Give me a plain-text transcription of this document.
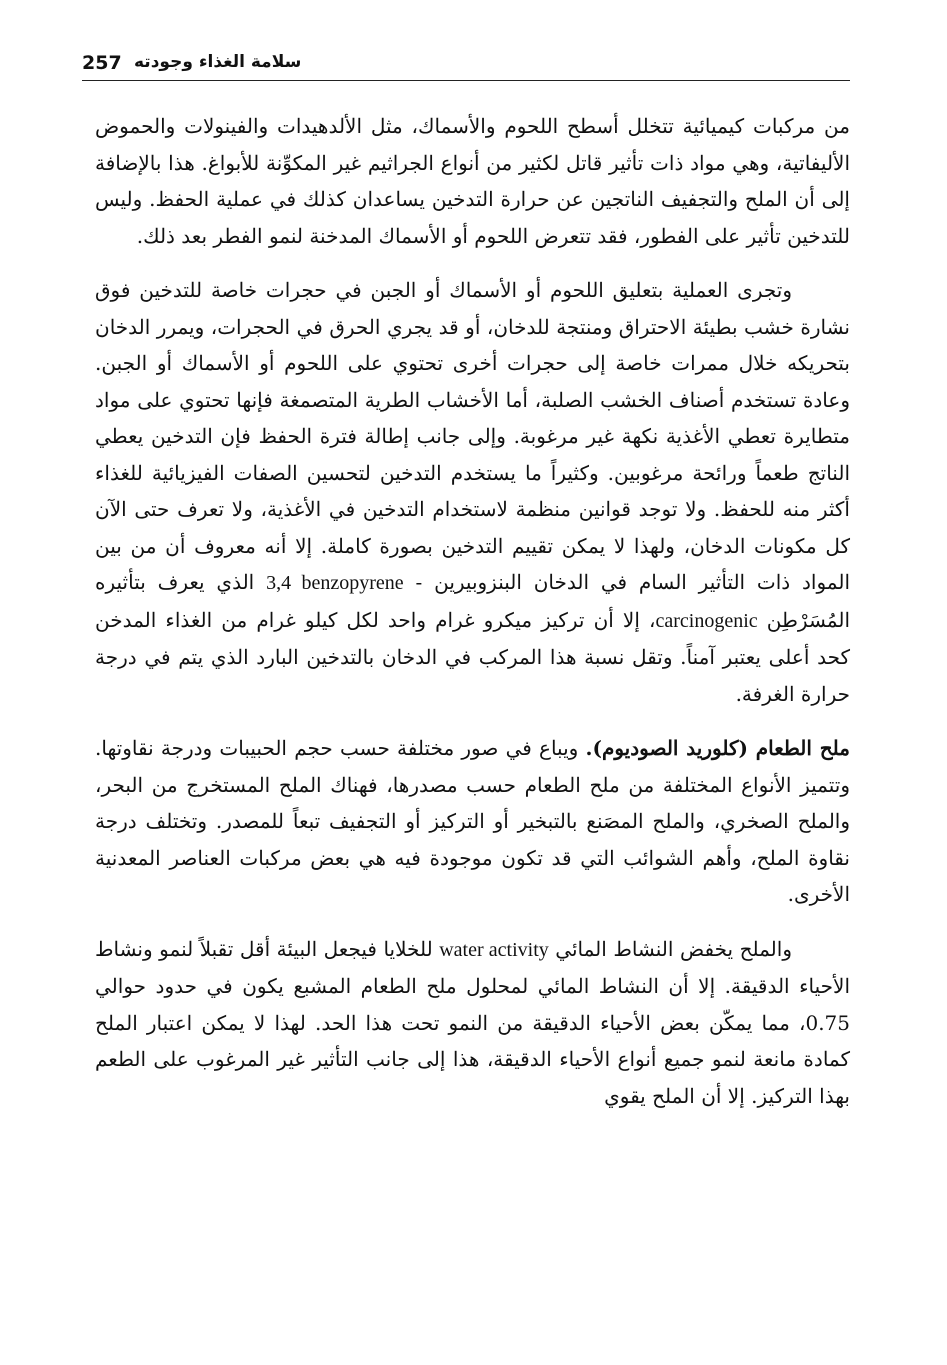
257 سلامة الغذاء وجودته

من مركبات كيميائية تتخلل أسطح اللحوم والأسماك، مثل الألدهيدات والفينولات والحموض الأليفاتية، وهي مواد ذات تأثير قاتل لكثير من أنواع الجراثيم غير المكوِّنة للأبواغ. هذا بالإضافة إلى أن الملح والتجفيف الناتجين عن حرارة التدخين يساعدان كذلك في عملية الحفظ. وليس للتدخين تأثير على الفطور، فقد تتعرض اللحوم أو الأسماك المدخنة لنمو الفطر بعد ذلك.

وتجرى العملية بتعليق اللحوم أو الأسماك أو الجبن في حجرات خاصة للتدخين فوق نشارة خشب بطيئة الاحتراق ومنتجة للدخان، أو قد يجري الحرق في الحجرات، ويمرر الدخان بتحريكه خلال ممرات خاصة إلى حجرات أخرى تحتوي على اللحوم أو الأسماك أو الجبن. وعادة تستخدم أصناف الخشب الصلبة، أما الأخشاب الطرية المتصمغة فإنها تحتوي على مواد متطايرة تعطي الأغذية نكهة غير مرغوبة. وإلى جانب إطالة فترة الحفظ فإن التدخين يعطي الناتج طعماً ورائحة مرغوبين. وكثيراً ما يستخدم التدخين لتحسين الصفات الفيزيائية للغذاء أكثر منه للحفظ. ولا توجد قوانين منظمة لاستخدام التدخين في الأغذية، ولا تعرف حتى الآن كل مكونات الدخان، ولهذا لا يمكن تقييم التدخين بصورة كاملة. إلا أنه معروف أن من بين المواد ذات التأثير السام في الدخان البنزوبيرين - 3,4 benzopyrene الذي يعرف بتأثيره المُسَرْطِن carcinogenic، إلا أن تركيز ميكرو غرام واحد لكل كيلو غرام من الغذاء المدخن كحد أعلى يعتبر آمناً. وتقل نسبة هذا المركب في الدخان بالتدخين البارد الذي يتم في درجة حرارة الغرفة.

ملح الطعام (كلوريد الصوديوم). ويباع في صور مختلفة حسب حجم الحبيبات ودرجة نقاوتها. وتتميز الأنواع المختلفة من ملح الطعام حسب مصدرها، فهناك الملح المستخرج من البحر، والملح الصخري، والملح المصَنع بالتبخير أو التركيز أو التجفيف تبعاً للمصدر. وتختلف درجة نقاوة الملح، وأهم الشوائب التي قد تكون موجودة فيه هي بعض مركبات العناصر المعدنية الأخرى.

والملح يخفض النشاط المائي water activity للخلايا فيجعل البيئة أقل تقبلاً لنمو ونشاط الأحياء الدقيقة. إلا أن النشاط المائي لمحلول ملح الطعام المشبع يكون في حدود حوالي 0.75، مما يمكّن بعض الأحياء الدقيقة من النمو تحت هذا الحد. لهذا لا يمكن اعتبار الملح كمادة مانعة لنمو جميع أنواع الأحياء الدقيقة، هذا إلى جانب التأثير غير المرغوب على الطعم بهذا التركيز. إلا أن الملح يقوي
